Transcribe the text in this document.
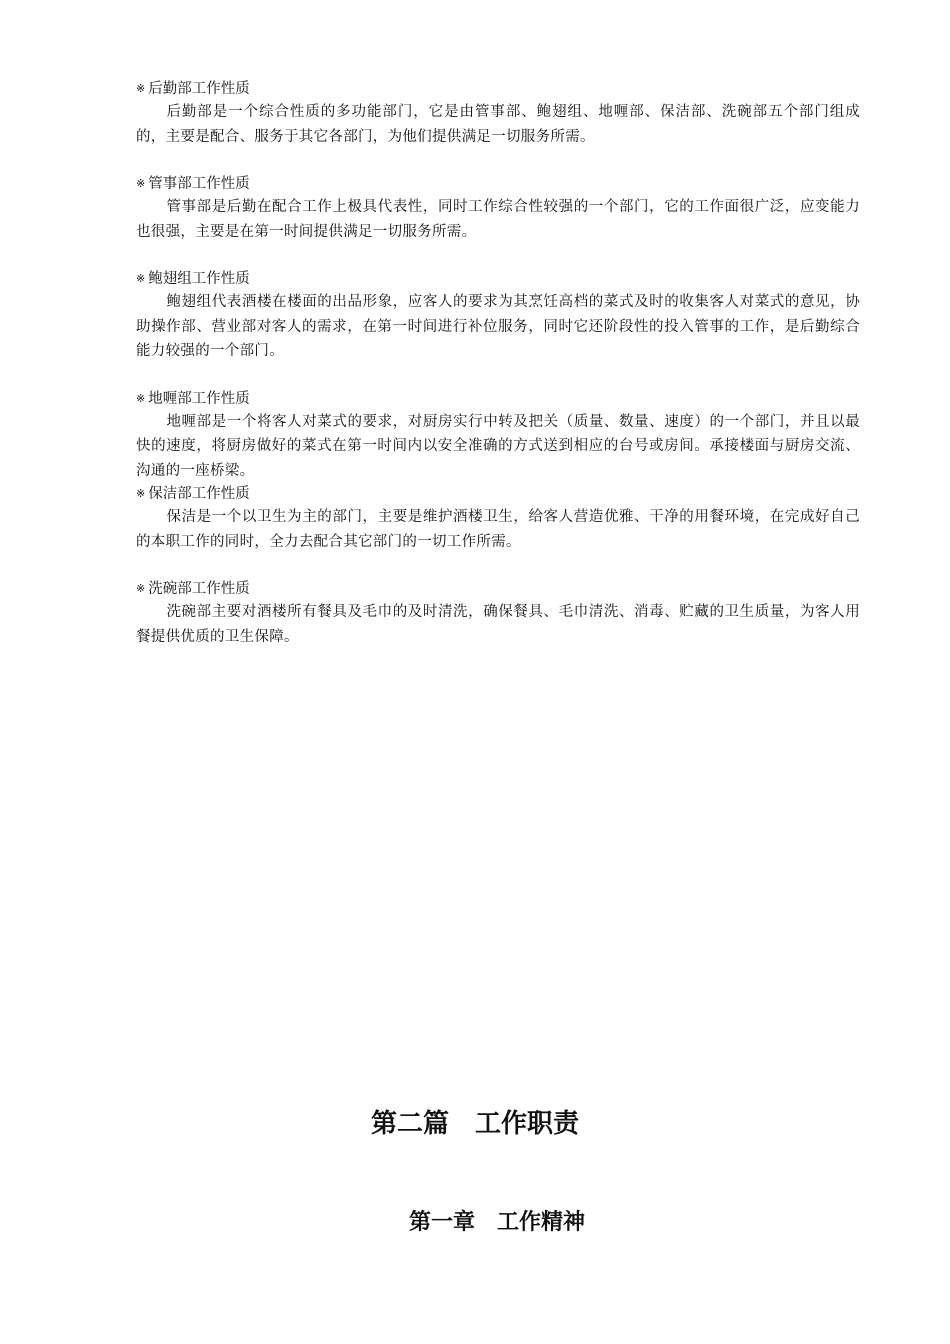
※ 后勤部工作性质

后勤部是一个综合性质的多功能部门，它是由管事部、鲍翅组、地喱部、保洁部、洗碗部五个部门组成的，主要是配合、服务于其它各部门，为他们提供满足一切服务所需。

※ 管事部工作性质

管事部是后勤在配合工作上极具代表性，同时工作综合性较强的一个部门，它的工作面很广泛，应变能力也很强，主要是在第一时间提供满足一切服务所需。

※ 鲍翅组工作性质

鲍翅组代表酒楼在楼面的出品形象，应客人的要求为其烹饪高档的菜式及时的收集客人对菜式的意见，协助操作部、营业部对客人的需求，在第一时间进行补位服务，同时它还阶段性的投入管事的工作，是后勤综合能力较强的一个部门。

※ 地喱部工作性质

地喱部是一个将客人对菜式的要求，对厨房实行中转及把关（质量、数量、速度）的一个部门，并且以最快的速度，将厨房做好的菜式在第一时间内以安全准确的方式送到相应的台号或房间。承接楼面与厨房交流、沟通的一座桥梁。

※ 保洁部工作性质

保洁是一个以卫生为主的部门，主要是维护酒楼卫生，给客人营造优雅、干净的用餐环境，在完成好自己的本职工作的同时，全力去配合其它部门的一切工作所需。

※ 洗碗部工作性质

洗碗部主要对酒楼所有餐具及毛巾的及时清洗，确保餐具、毛巾清洗、消毒、贮藏的卫生质量，为客人用餐提供优质的卫生保障。

第二篇　工作职责
第一章　工作精神
